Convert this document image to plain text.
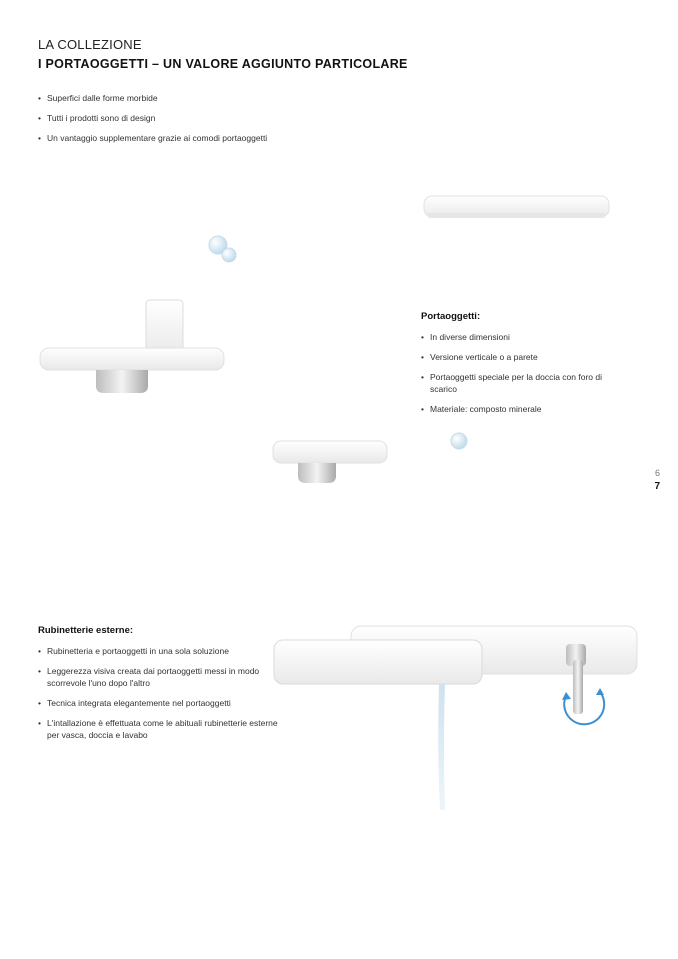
LA COLLEZIONE
I PORTAOGGETTI – UN VALORE AGGIUNTO PARTICOLARE
• Superfici dalle forme morbide
• Tutti i prodotti sono di design
• Un vantaggio supplementare grazie ai comodi portaoggetti
Portaoggetti:
• In diverse dimensioni
• Versione verticale o a parete
• Portaoggetti speciale per la doccia con foro di scarico
• Materiale: composto minerale
Rubinetterie esterne:
• Rubinetteria e portaoggetti in una sola soluzione
• Leggerezza visiva creata dai portaoggetti messi in modo scorrevole l'uno dopo l'altro
• Tecnica integrata elegantemente nel portaoggetti
• L'intallazione è effettuata come le abituali rubinetterie esterne per vasca, doccia e lavabo
6
7
